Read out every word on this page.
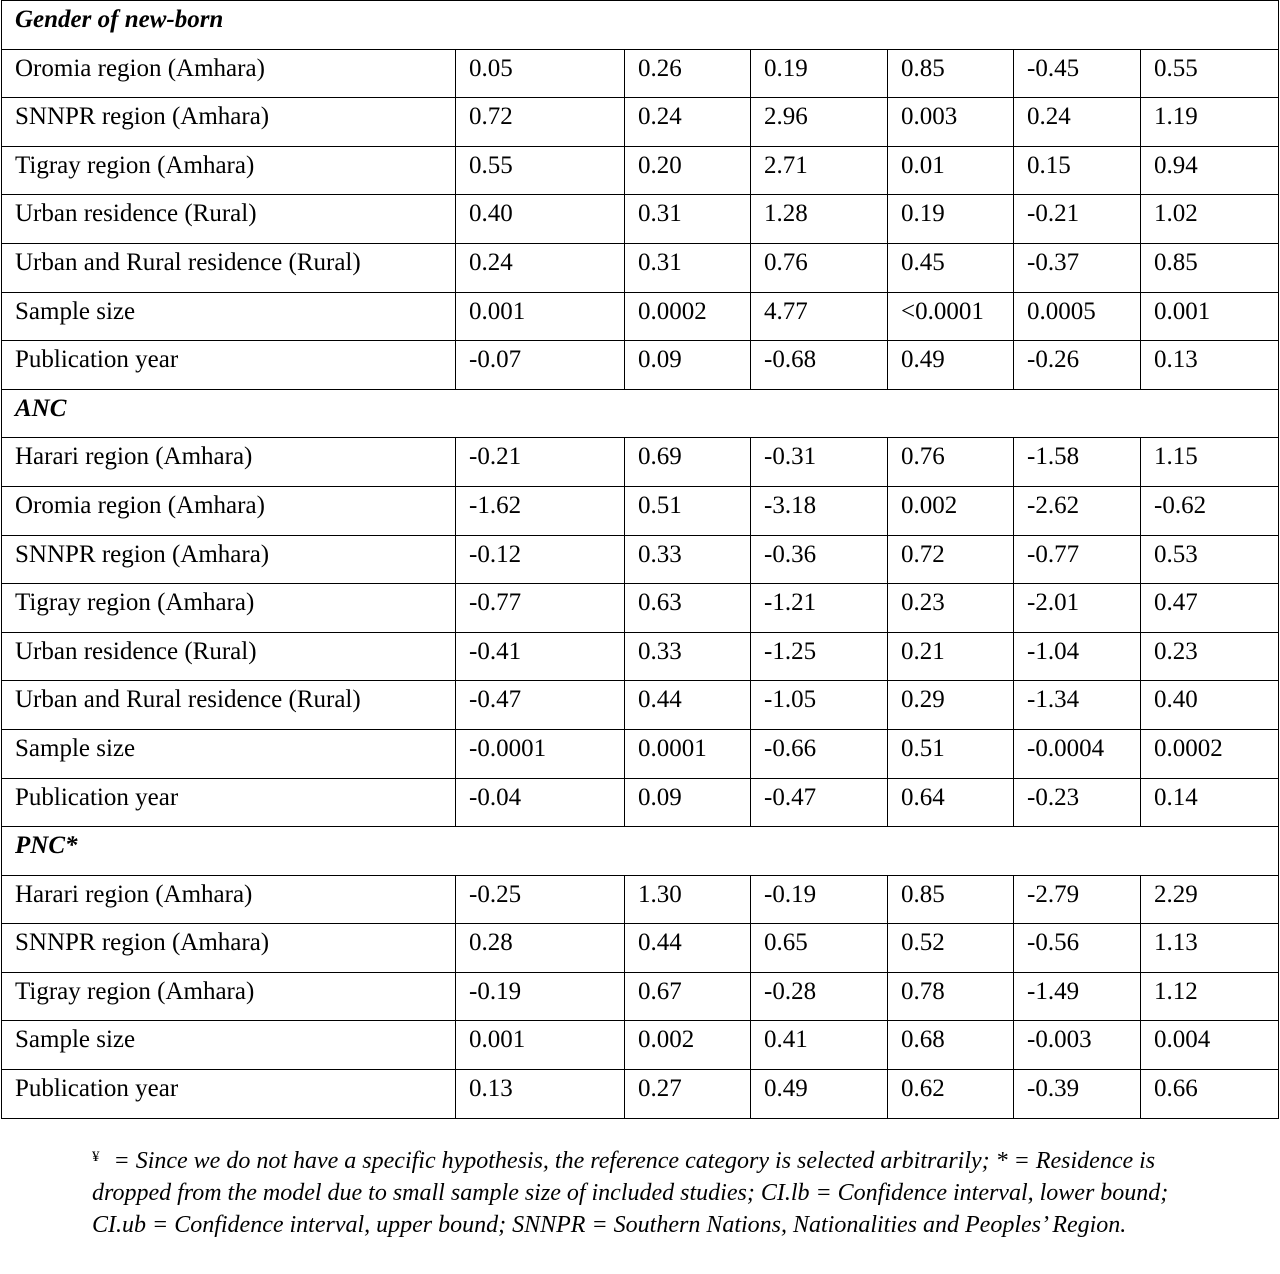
Gender of new-born						
Oromia region (Amhara)	0.05	0.26	0.19	0.85	-0.45	0.55
SNNPR region (Amhara)	0.72	0.24	2.96	0.003	0.24	1.19
Tigray region (Amhara)	0.55	0.20	2.71	0.01	0.15	0.94
Urban residence (Rural)	0.40	0.31	1.28	0.19	-0.21	1.02
Urban and Rural residence (Rural)	0.24	0.31	0.76	0.45	-0.37	0.85
Sample size	0.001	0.0002	4.77	<0.0001	0.0005	0.001
Publication year	-0.07	0.09	-0.68	0.49	-0.26	0.13
ANC						
Harari region (Amhara)	-0.21	0.69	-0.31	0.76	-1.58	1.15
Oromia region (Amhara)	-1.62	0.51	-3.18	0.002	-2.62	-0.62
SNNPR region (Amhara)	-0.12	0.33	-0.36	0.72	-0.77	0.53
Tigray region (Amhara)	-0.77	0.63	-1.21	0.23	-2.01	0.47
Urban residence (Rural)	-0.41	0.33	-1.25	0.21	-1.04	0.23
Urban and Rural residence (Rural)	-0.47	0.44	-1.05	0.29	-1.34	0.40
Sample size	-0.0001	0.0001	-0.66	0.51	-0.0004	0.0002
Publication year	-0.04	0.09	-0.47	0.64	-0.23	0.14
PNC*						
Harari region (Amhara)	-0.25	1.30	-0.19	0.85	-2.79	2.29
SNNPR region (Amhara)	0.28	0.44	0.65	0.52	-0.56	1.13
Tigray region (Amhara)	-0.19	0.67	-0.28	0.78	-1.49	1.12
Sample size	0.001	0.002	0.41	0.68	-0.003	0.004
Publication year	0.13	0.27	0.49	0.62	-0.39	0.66
¥ = Since we do not have a specific hypothesis, the reference category is selected arbitrarily; * = Residence is dropped from the model due to small sample size of included studies; CI.lb = Confidence interval, lower bound; CI.ub = Confidence interval, upper bound; SNNPR = Southern Nations, Nationalities and Peoples’ Region.
